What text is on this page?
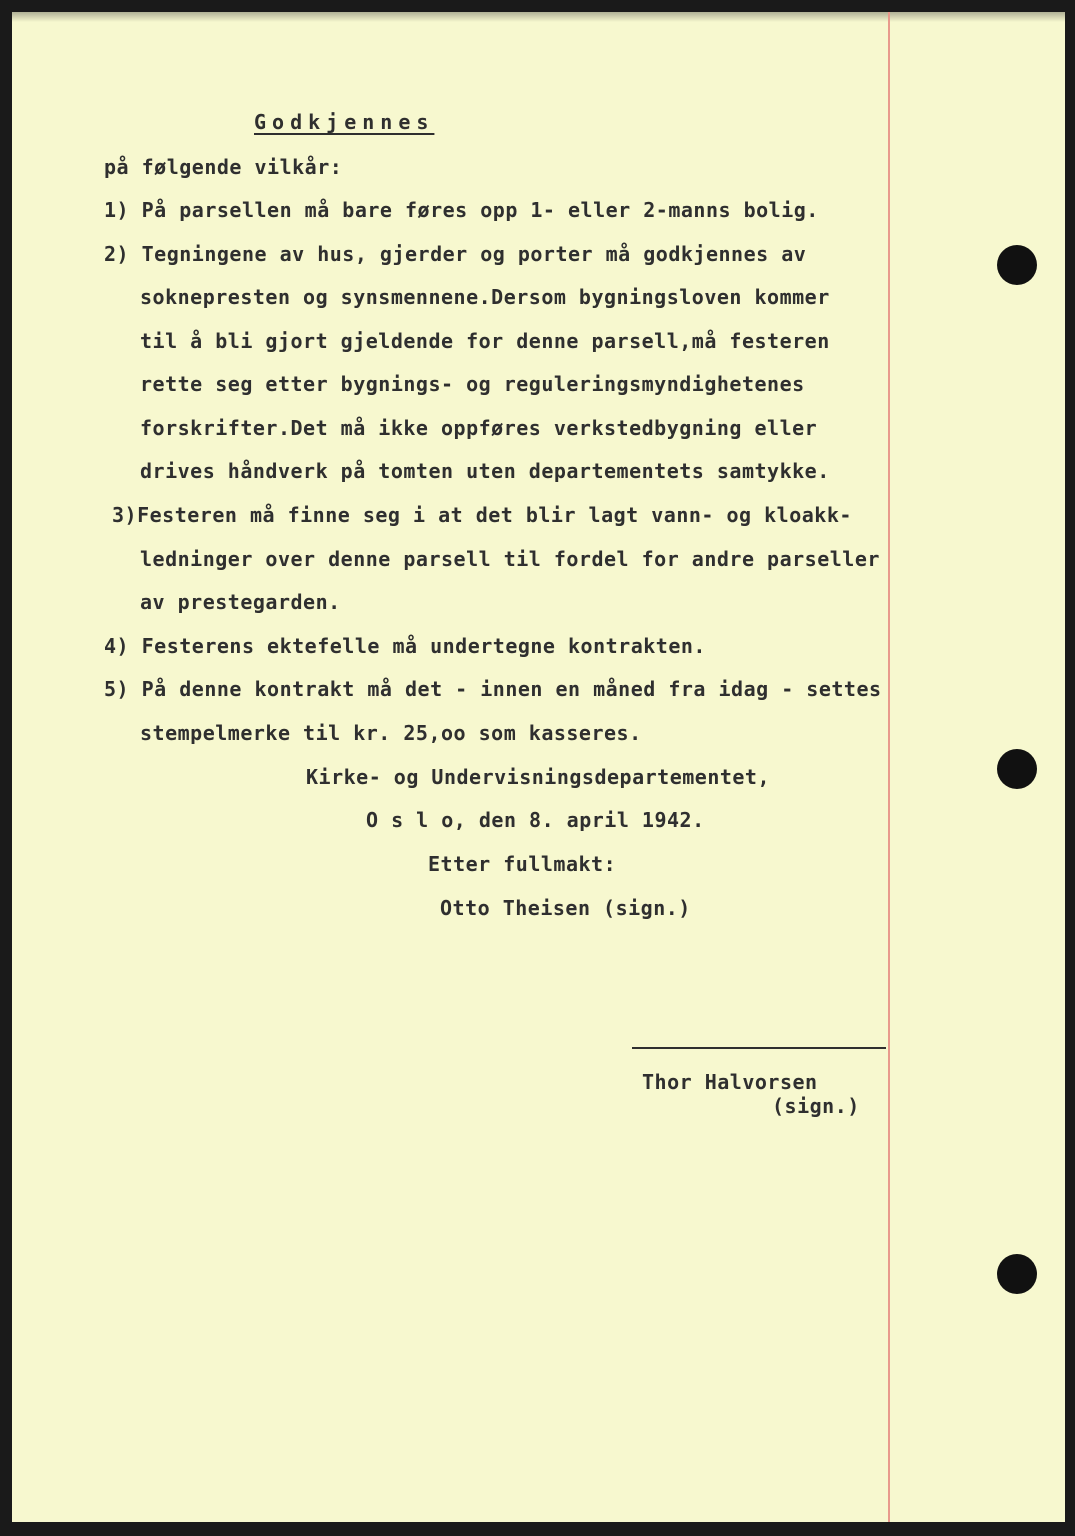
Godkjennes
på følgende vilkår:
1) På parsellen må bare føres opp 1- eller 2-manns bolig.
2) Tegningene av hus, gjerder og porter må godkjennes av
soknepresten og synsmennene.Dersom bygningsloven kommer
til å bli gjort gjeldende for denne parsell,må festeren
rette seg etter bygnings- og reguleringsmyndighetenes
forskrifter.Det må ikke oppføres verkstedbygning eller
drives håndverk på tomten uten departementets samtykke.
3)Festeren må finne seg i at det blir lagt vann- og kloakk-
ledninger over denne parsell til fordel for andre parseller
av prestegarden.
4) Festerens ektefelle må undertegne kontrakten.
5) På denne kontrakt må det - innen en måned fra idag - settes
stempelmerke til kr. 25,oo som kasseres.
Kirke- og Undervisningsdepartementet,
O s l o, den 8. april 1942.
Etter fullmakt:
Otto Theisen (sign.)
Thor Halvorsen
(sign.)
